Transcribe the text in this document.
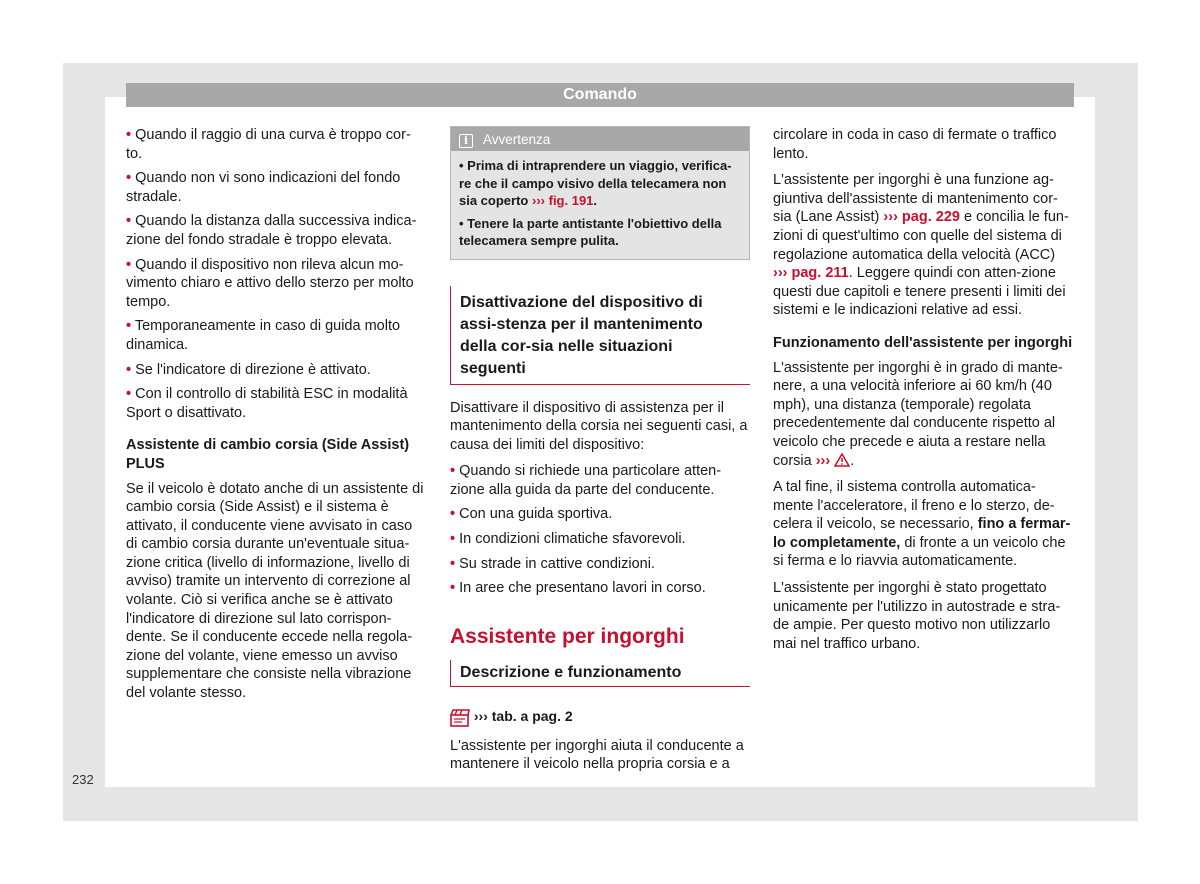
Comando
• Quando il raggio di una curva è troppo cor-to.
• Quando non vi sono indicazioni del fondo stradale.
• Quando la distanza dalla successiva indica-zione del fondo stradale è troppo elevata.
• Quando il dispositivo non rileva alcun mo-vimento chiaro e attivo dello sterzo per molto tempo.
• Temporaneamente in caso di guida molto dinamica.
• Se l'indicatore di direzione è attivato.
• Con il controllo di stabilità ESC in modalità Sport o disattivato.
Assistente di cambio corsia (Side Assist) PLUS

Se il veicolo è dotato anche di un assistente di cambio corsia (Side Assist) e il sistema è attivato, il conducente viene avvisato in caso di cambio corsia durante un'eventuale situa-zione critica (livello di informazione, livello di avviso) tramite un intervento di correzione al volante. Ciò si verifica anche se è attivato l'indicatore di direzione sul lato corrispon-dente. Se il conducente eccede nella regola-zione del volante, viene emesso un avviso supplementare che consiste nella vibrazione del volante stesso.

i Avvertenza
• Prima di intraprendere un viaggio, verifica-re che il campo visivo della telecamera non sia coperto ››› fig. 191.
• Tenere la parte antistante l'obiettivo della telecamera sempre pulita.
Disattivazione del dispositivo di assi-stenza per il mantenimento della cor-sia nelle situazioni seguenti

Disattivare il dispositivo di assistenza per il mantenimento della corsia nei seguenti casi, a causa dei limiti del dispositivo:

• Quando si richiede una particolare atten-zione alla guida da parte del conducente.
• Con una guida sportiva.
• In condizioni climatiche sfavorevoli.
• Su strade in cattive condizioni.
• In aree che presentano lavori in corso.
Assistente per ingorghi
Descrizione e funzionamento
››› tab. a pag. 2

L'assistente per ingorghi aiuta il conducente a mantenere il veicolo nella propria corsia e a

circolare in coda in caso di fermate o traffico lento.

L'assistente per ingorghi è una funzione ag-giuntiva dell'assistente di mantenimento cor-sia (Lane Assist) ››› pag. 229 e concilia le fun-zioni di quest'ultimo con quelle del sistema di regolazione automatica della velocità (ACC) ››› pag. 211. Leggere quindi con atten-zione questi due capitoli e tenere presenti i limiti dei sistemi e le indicazioni relative ad essi.

Funzionamento dell'assistente per ingorghi

L'assistente per ingorghi è in grado di mante-nere, a una velocità inferiore ai 60 km/h (40 mph), una distanza (temporale) regolata precedentemente dal conducente rispetto al veicolo che precede e aiuta a restare nella corsia ››› .

A tal fine, il sistema controlla automatica-mente l'acceleratore, il freno e lo sterzo, de-celera il veicolo, se necessario, fino a fermar-lo completamente, di fronte a un veicolo che si ferma e lo riavvia automaticamente.

L'assistente per ingorghi è stato progettato unicamente per l'utilizzo in autostrade e stra-de ampie. Per questo motivo non utilizzarlo mai nel traffico urbano.

232
